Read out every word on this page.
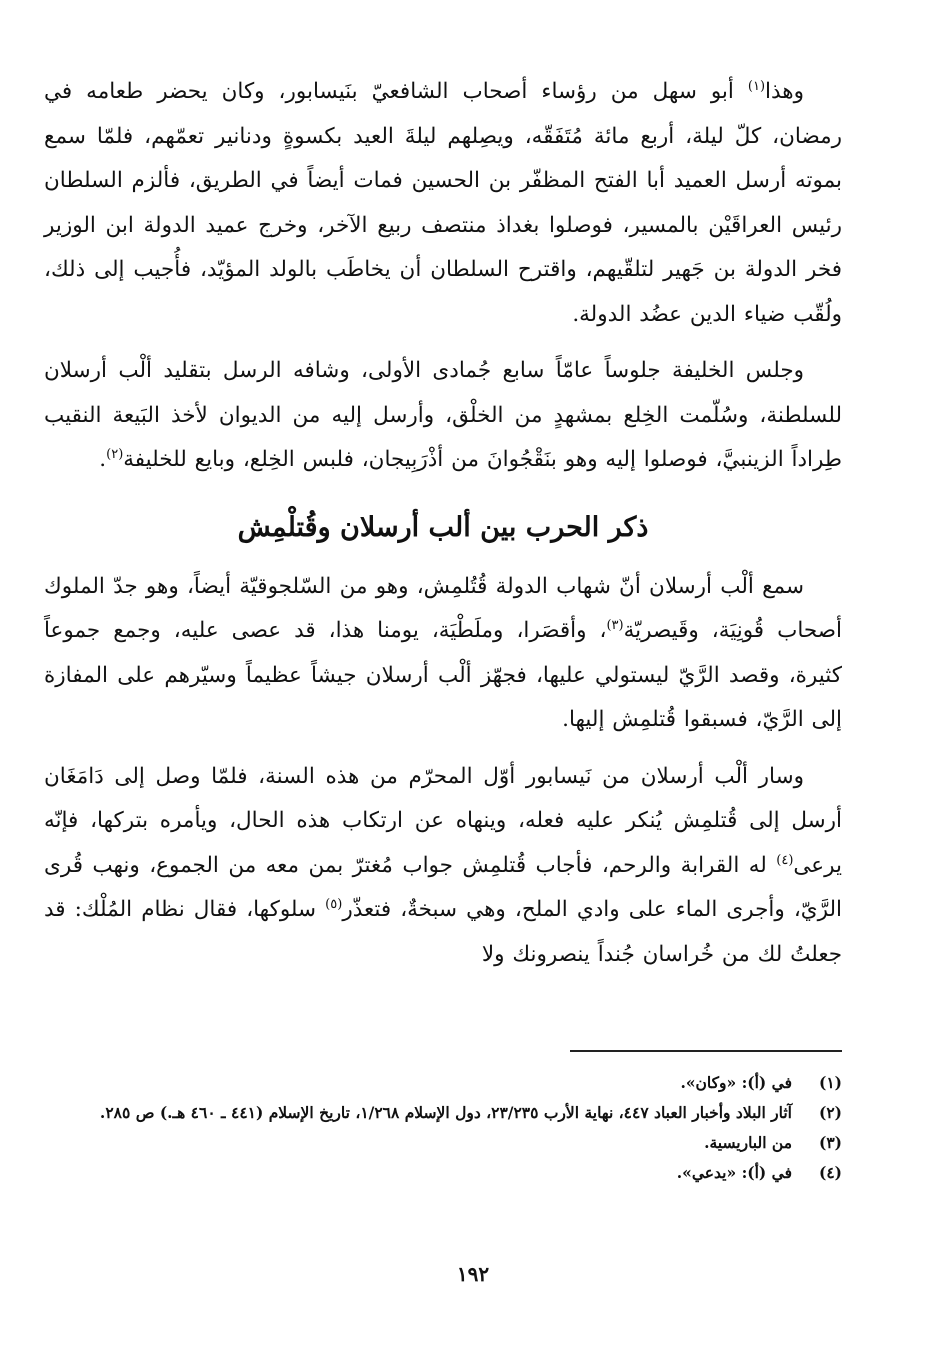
وهذا$^{(١)}$ أبو سهل من رؤساء أصحاب الشافعيّ بنَيسابور، وكان يحضر طعامه في رمضان، كلّ ليلة، أربع مائة مُتَفَقّه، ويصِلهم ليلةَ العيد بكسوةٍ ودنانير تعمّهم، فلمّا سمع بموته أرسل العميد أبا الفتح المظفّر بن الحسين فمات أيضاً في الطريق، فألزم السلطان رئيس العراقَيْن بالمسير، فوصلوا بغداذ منتصف ربيع الآخر، وخرج عميد الدولة ابن الوزير فخر الدولة بن جَهير لتلقّيهم، واقترح السلطان أن يخاطَب بالولد المؤيّد، فأُجيب إلى ذلك، ولُقّب ضياء الدين عضُد الدولة.

وجلس الخليفة جلوساً عامّاً سابع جُمادى الأولى، وشافه الرسل بتقليد ألْب أرسلان للسلطنة، وسُلّمت الخِلع بمشهدٍ من الخلْق، وأرسل إليه من الديوان لأخذ البَيعة النقيب طِراداً الزينبيَّ، فوصلوا إليه وهو بنَقْجُوانَ من أذْرَبِيجان، فلبس الخِلع، وبايع للخليفة$^{(٢)}$.

ذكر الحرب بين ألب أرسلان وقُتلْمِش

سمع ألْب أرسلان أنّ شهاب الدولة قُتُلمِش، وهو من السّلجوقيّة أيضاً، وهو جدّ الملوك أصحاب قُونِيَة، وقَيصريّة$^{(٣)}$، وأقصَرا، وملَطْيَة، يومنا هذا، قد عصى عليه، وجمع جموعاً كثيرة، وقصد الرَّيّ ليستولي عليها، فجهّز ألْب أرسلان جيشاً عظيماً وسيّرهم على المفازة إلى الرَّيّ، فسبقوا قُتلمِش إليها.

وسار ألْب أرسلان من نَيسابور أوّل المحرّم من هذه السنة، فلمّا وصل إلى دَامَغَان أرسل إلى قُتلمِش يُنكر عليه فعله، وينهاه عن ارتكاب هذه الحال، ويأمره بتركها، فإنّه يرعى$^{(٤)}$ له القرابة والرحم، فأجاب قُتلمِش جواب مُغترّ بمن معه من الجموع، ونهب قُرى الرَّيّ، وأجرى الماء على وادي الملح، وهي سبخةٌ، فتعذّر$^{(٥)}$ سلوكها، فقال نظام المُلْك: قد جعلتُ لك من خُراسان جُنداً ينصرونك ولا

(١)
في (أ): «وكان».
(٢)
آثار البلاد وأخبار العباد ٤٤٧، نهاية الأرب ٢٣/٢٣٥، دول الإسلام ١/٢٦٨، تاريخ الإسلام (٤٤١ ـ ٤٦٠ هـ.) ص ٢٨٥.
(٣)
من الباريسية.
(٤)
في (أ): «يدعي».
١٩٢
